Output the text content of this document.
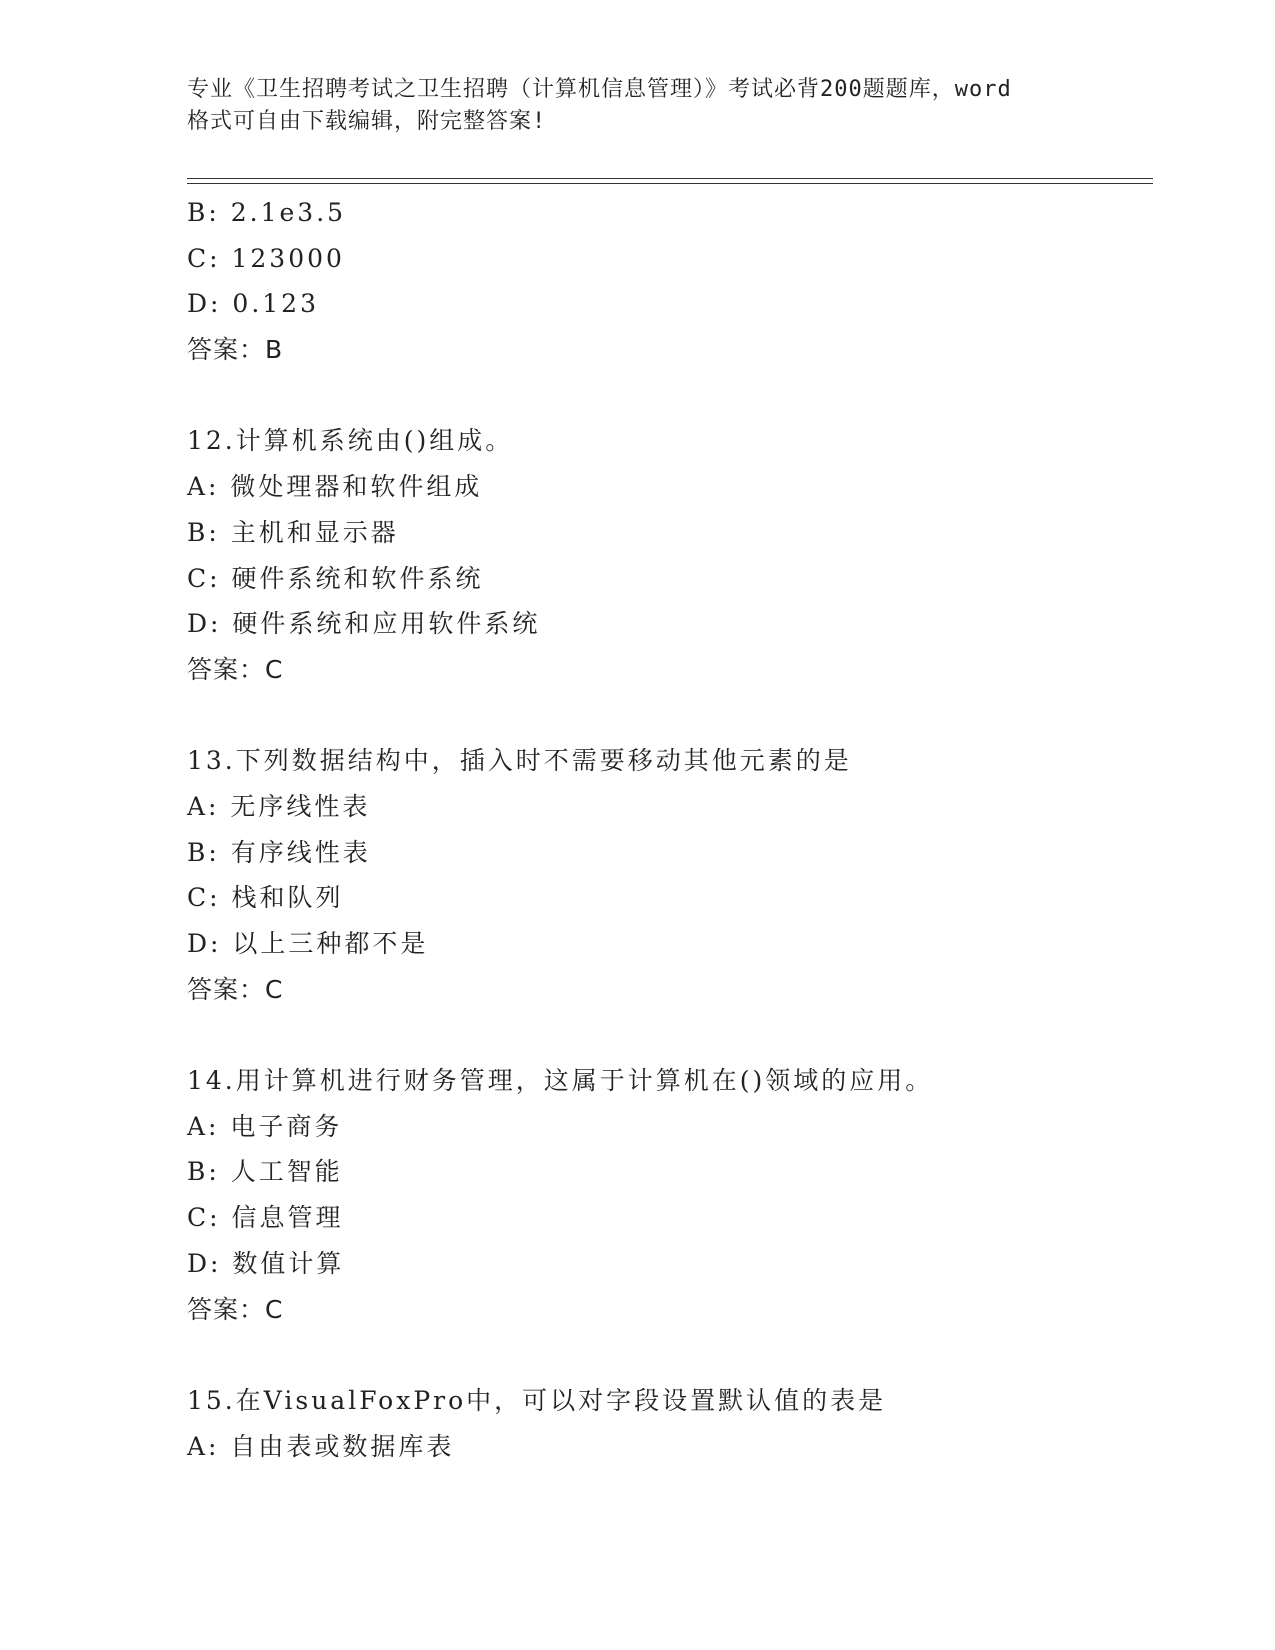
专业《卫生招聘考试之卫生招聘（计算机信息管理）》考试必背200题题库，word
格式可自由下载编辑，附完整答案!
B: 2.1e3.5
C: 123000
D: 0.123
答案：B
12.计算机系统由()组成。
A: 微处理器和软件组成
B: 主机和显示器
C: 硬件系统和软件系统
D: 硬件系统和应用软件系统
答案：C
13.下列数据结构中，插入时不需要移动其他元素的是
A: 无序线性表
B: 有序线性表
C: 栈和队列
D: 以上三种都不是
答案：C
14.用计算机进行财务管理，这属于计算机在()领域的应用。
A: 电子商务
B: 人工智能
C: 信息管理
D: 数值计算
答案：C
15.在VisualFoxPro中，可以对字段设置默认值的表是
A: 自由表或数据库表
